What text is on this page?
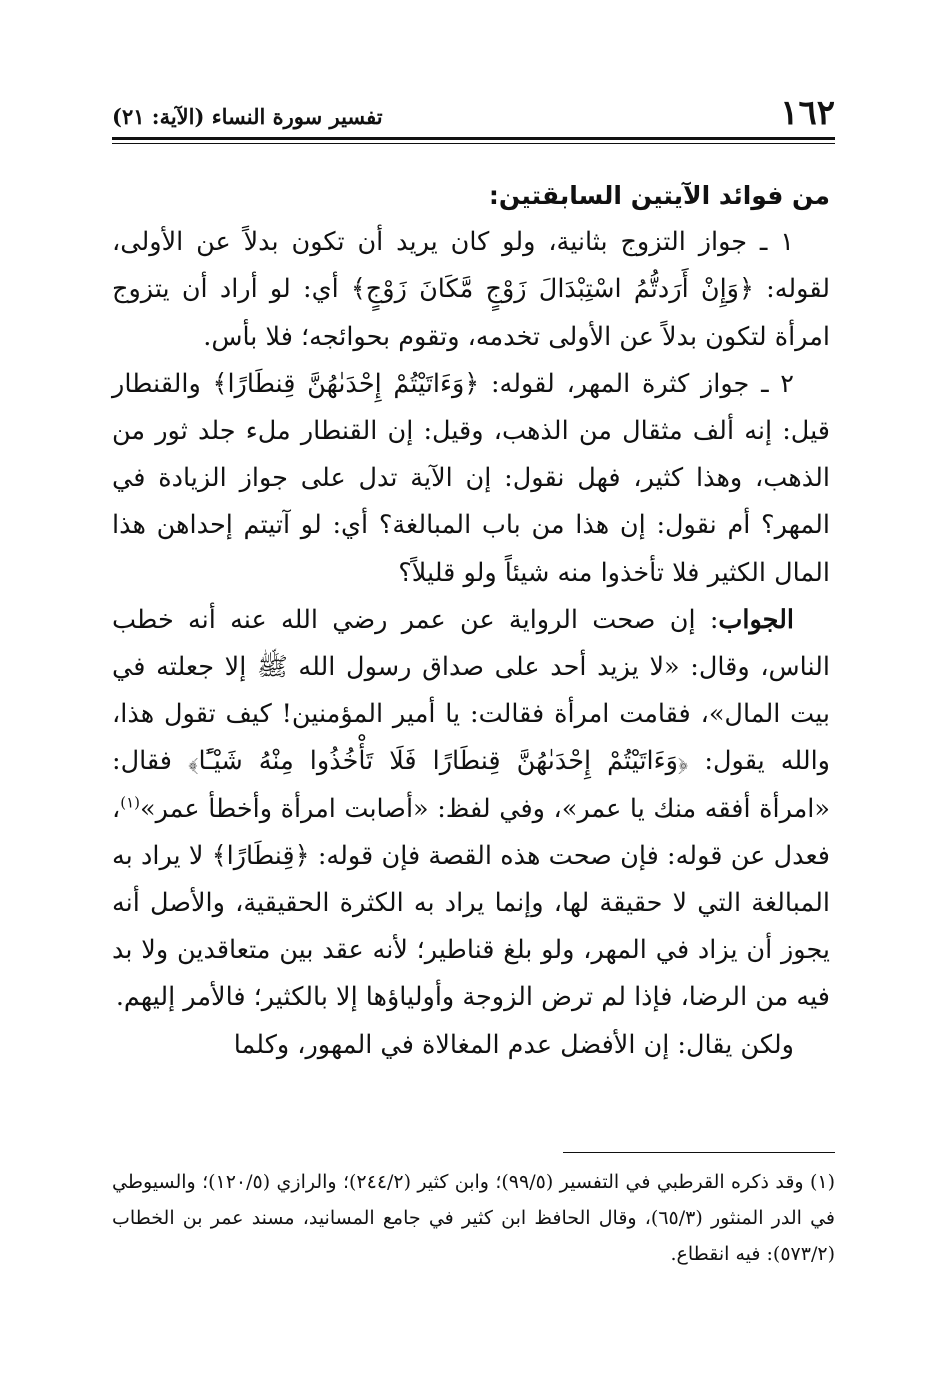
١٦٢
تفسير سورة النساء (الآية: ٢١)
من فوائد الآيتين السابقتين:

١ ـ جواز التزوج بثانية، ولو كان يريد أن تكون بدلاً عن الأولى، لقوله: ﴿وَإِنْ أَرَدتُّمُ اسْتِبْدَالَ زَوْجٍ مَّكَانَ زَوْجٍ﴾ أي: لو أراد أن يتزوج امرأة لتكون بدلاً عن الأولى تخدمه، وتقوم بحوائجه؛ فلا بأس.

٢ ـ جواز كثرة المهر، لقوله: ﴿وَءَاتَيْتُمْ إِحْدَىٰهُنَّ قِنطَارًا﴾ والقنطار قيل: إنه ألف مثقال من الذهب، وقيل: إن القنطار ملء جلد ثور من الذهب، وهذا كثير، فهل نقول: إن الآية تدل على جواز الزيادة في المهر؟ أم نقول: إن هذا من باب المبالغة؟ أي: لو آتيتم إحداهن هذا المال الكثير فلا تأخذوا منه شيئاً ولو قليلاً؟

الجواب: إن صحت الرواية عن عمر رضي الله عنه أنه خطب الناس، وقال: «لا يزيد أحد على صداق رسول الله ﷺ إلا جعلته في بيت المال»، فقامت امرأة فقالت: يا أمير المؤمنين! كيف تقول هذا، والله يقول: ﴿وَءَاتَيْتُمْ إِحْدَىٰهُنَّ قِنطَارًا فَلَا تَأْخُذُوا مِنْهُ شَيْـًٔا﴾ فقال: «امرأة أفقه منك يا عمر»، وفي لفظ: «أصابت امرأة وأخطأ عمر»$^{(١)}$، فعدل عن قوله: فإن صحت هذه القصة فإن قوله: ﴿قِنطَارًا﴾ لا يراد به المبالغة التي لا حقيقة لها، وإنما يراد به الكثرة الحقيقية، والأصل أنه يجوز أن يزاد في المهر، ولو بلغ قناطير؛ لأنه عقد بين متعاقدين ولا بد فيه من الرضا، فإذا لم ترض الزوجة وأولياؤها إلا بالكثير؛ فالأمر إليهم.

ولكن يقال: إن الأفضل عدم المغالاة في المهور، وكلما

(١) وقد ذكره القرطبي في التفسير (٩٩/٥)؛ وابن كثير (٢٤٤/٢)؛ والرازي (١٢٠/٥)؛ والسيوطي في الدر المنثور (٦٥/٣)، وقال الحافظ ابن كثير في جامع المسانيد، مسند عمر بن الخطاب (٥٧٣/٢): فيه انقطاع.
